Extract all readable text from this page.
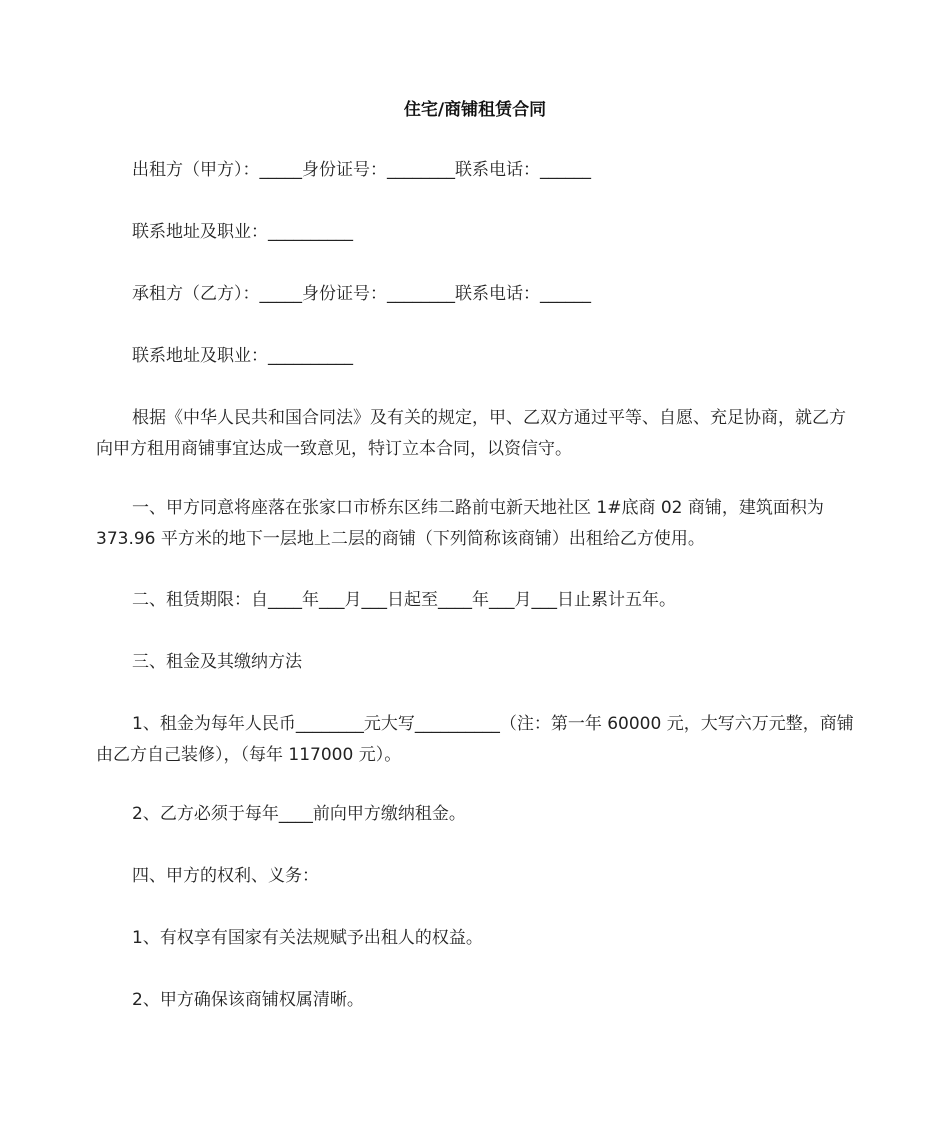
住宅/商铺租赁合同
出租方（甲方）：_____身份证号：________联系电话：______
联系地址及职业：__________
承租方（乙方）：_____身份证号：________联系电话：______
联系地址及职业：__________
根据《中华人民共和国合同法》及有关的规定，甲、乙双方通过平等、自愿、充足协商，就乙方向甲方租用商铺事宜达成一致意见，特订立本合同，以资信守。
一、甲方同意将座落在张家口市桥东区纬二路前屯新天地社区 1#底商 02 商铺，建筑面积为 373.96 平方米的地下一层地上二层的商铺（下列简称该商铺）出租给乙方使用。
二、租赁期限：自____年___月___日起至____年___月___日止累计五年。
三、租金及其缴纳方法
1、租金为每年人民币________元大写__________（注：第一年 60000 元，大写六万元整，商铺由乙方自己装修），（每年 117000 元）。
2、乙方必须于每年____前向甲方缴纳租金。
四、甲方的权利、义务：
1、有权享有国家有关法规赋予出租人的权益。
2、甲方确保该商铺权属清晰。
